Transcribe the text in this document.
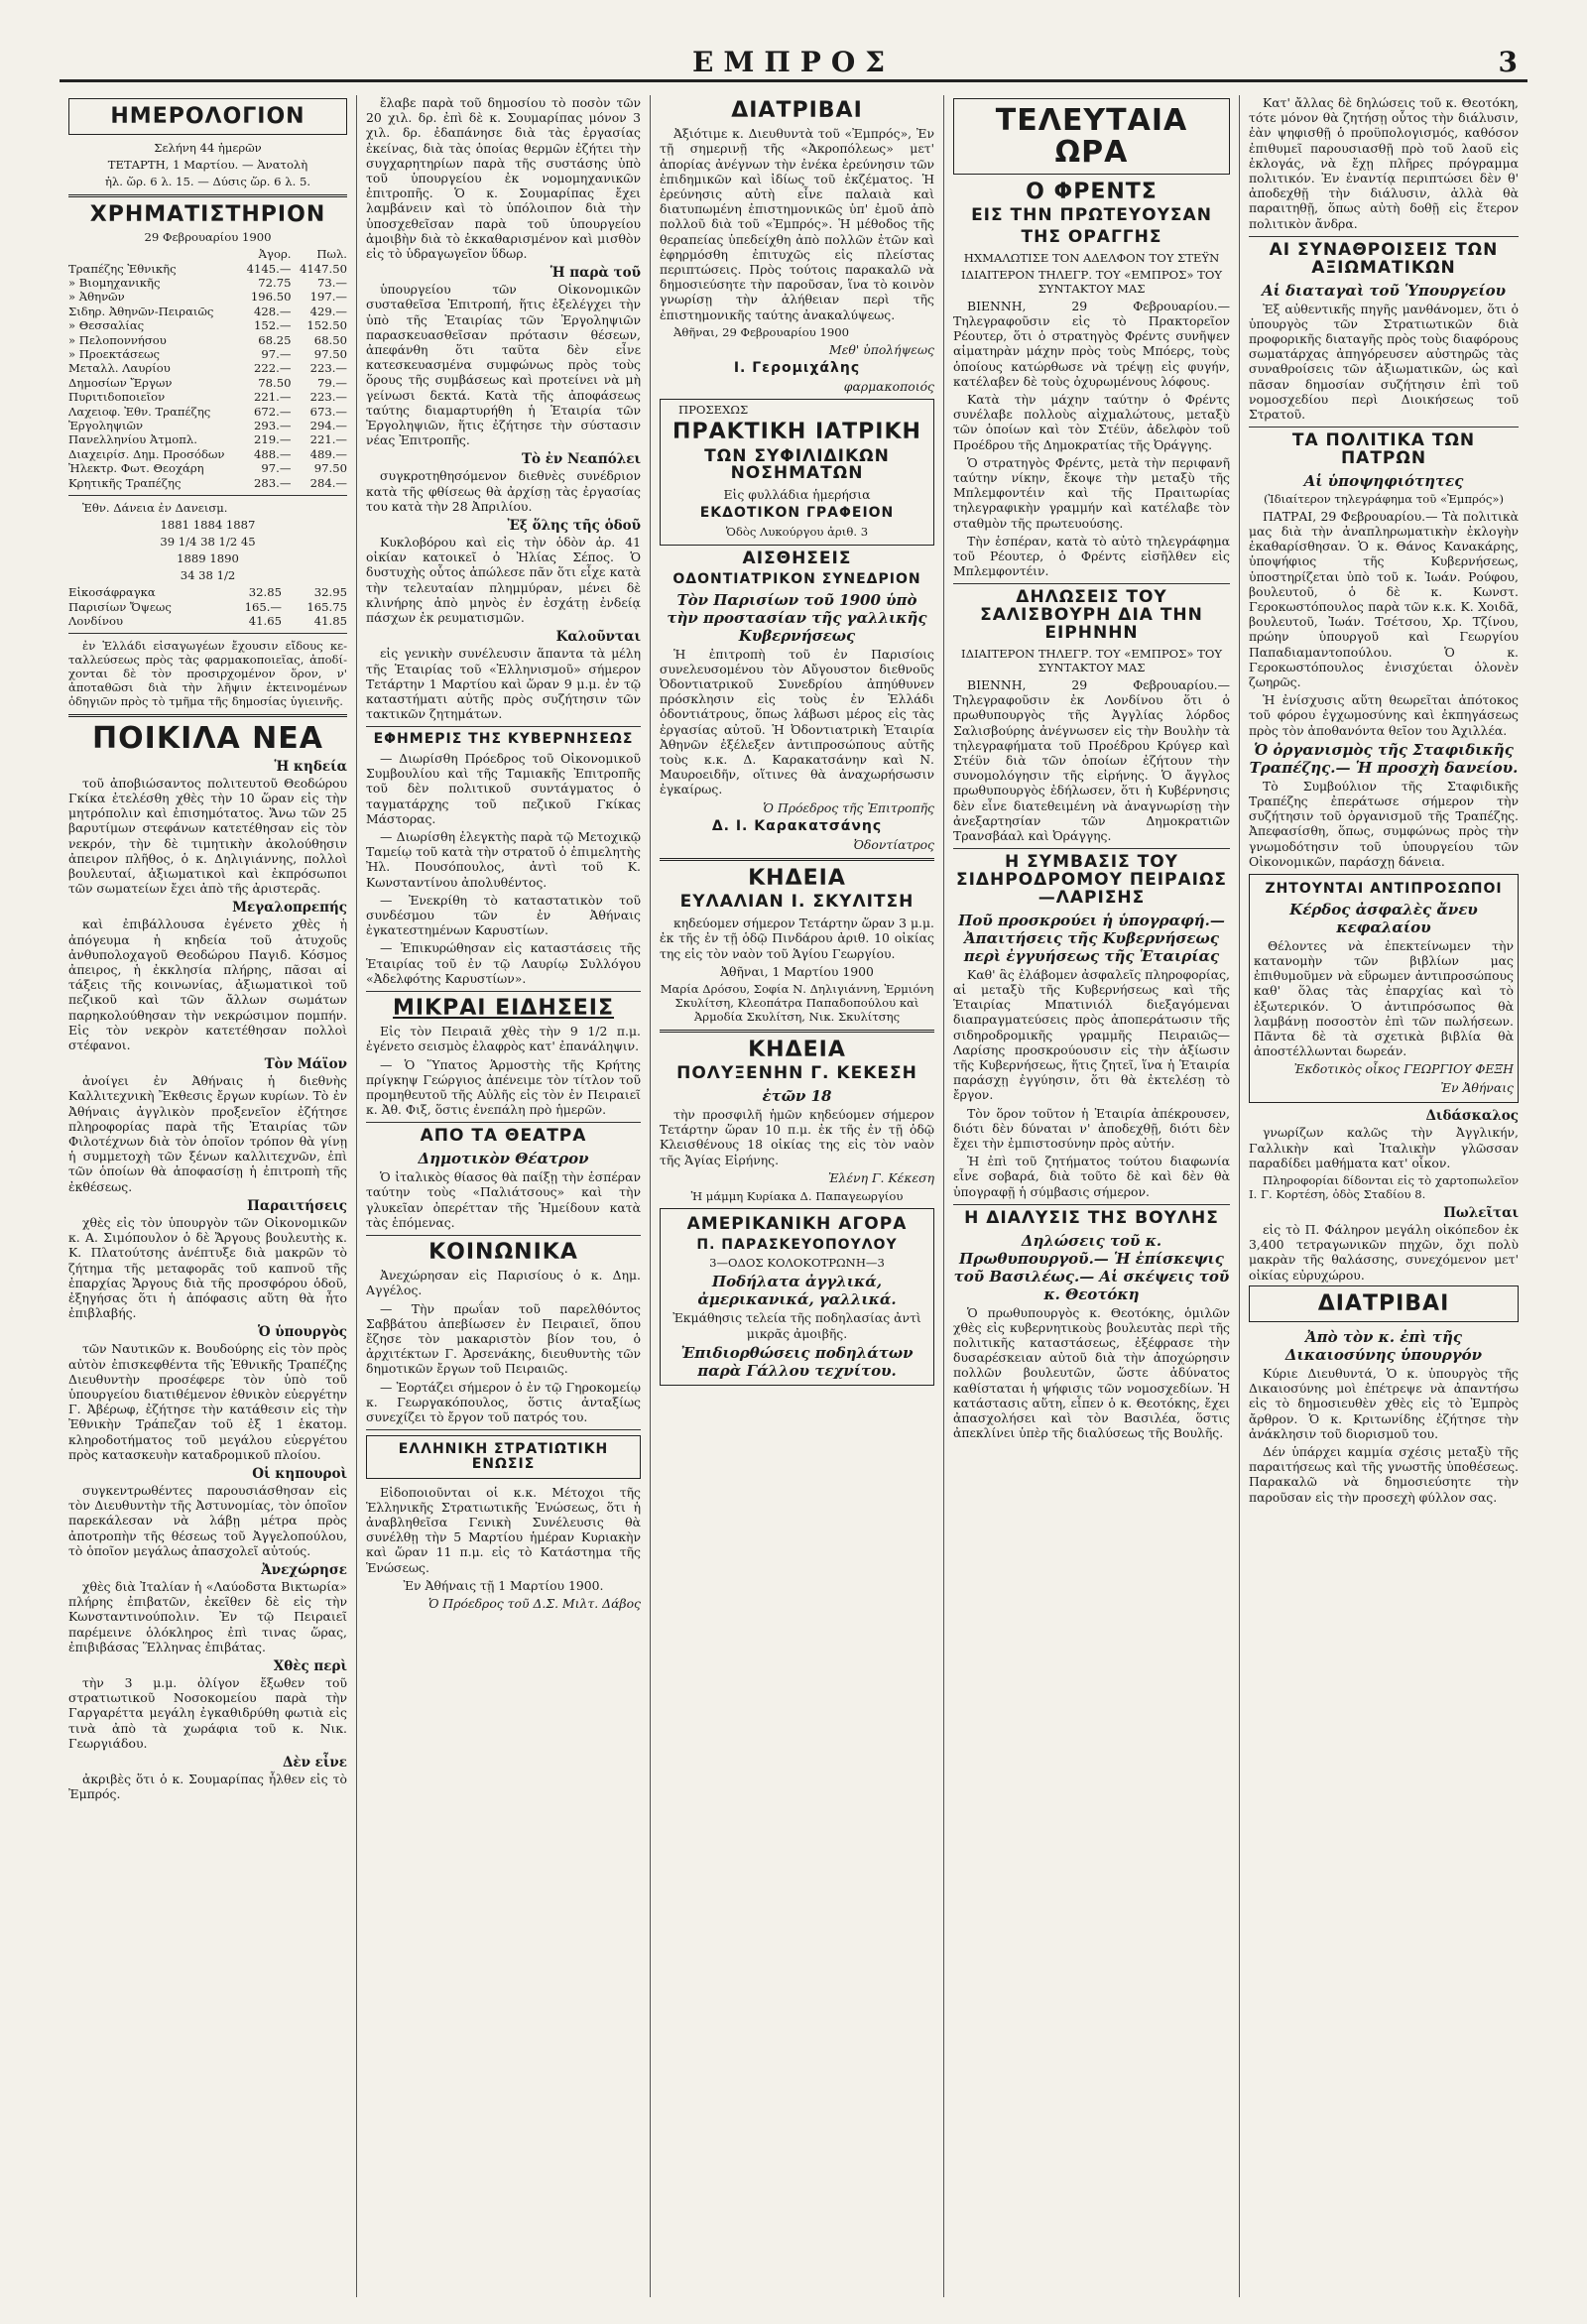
ΕΜΠΡΟΣ	3
ΗΜΕΡΟΛΟΓΙΟΝ

Σελήνη 44 ἡμερῶν

ΤΕΤΑΡΤΗ, 1 Μαρτίου. — Ἀνατολὴ

ἡλ. ὥρ. 6 λ. 15. — Δύσις ὥρ. 6 λ. 5.

ΧΡΗΜΑΤΙΣΤΗΡΙΟΝ

29 Φεβρουαρίου 1900

	Ἀγορ.	Πωλ.
Τραπέζης Ἐθνικῆς	4145.—	4147.50
» Βιομηχανικῆς	72.75	73.—
» Ἀθηνῶν	196.50	197.—
Σιδηρ. Ἀθηνῶν-Πειραιῶς	428.—	429.—
» Θεσσαλίας	152.—	152.50
» Πελοποννήσου	68.25	68.50
» Προεκτάσεως	97.—	97.50
Μεταλλ. Λαυρίου	222.—	223.—
Δημοσίων Ἔργων	78.50	79.—
Πυριτιδοποιεῖον	221.—	223.—
Λαχειοφ. Ἐθν. Τραπέζης	672.—	673.—
Ἐργοληψιῶν	293.—	294.—
Πανελληνίου Ἀτμοπλ.	219.—	221.—
Διαχειρίσ. Δημ. Προσόδων	488.—	489.—
Ἠλεκτρ. Φωτ. Θεοχάρη	97.—	97.50
Κρητικῆς Τραπέζης	283.—	284.—

Ἐθν. Δάνεια ἐν Δανεισμ.

1881 1884 1887

39 1/4 38 1/2 45

1889 1890

34 38 1/2

Εἰκοσάφραγκα	32.85	32.95
Παρισίων Ὄψεως	165.—	165.75
Λονδίνου	41.65	41.85

ἐν Ἑλλάδι εἰσαγωγέων ἔχουσιν εἴδους κε-ταλλεύσεως πρὸς τὰς φαρμακοποιεῖας, ἀποδί-χονται δὲ τὸν προσιρχομένον ὅρον, ν' ἀποταθῶσι διὰ τὴν λῆψιν ἐκτεινομένων ὁδηγιῶν πρὸς τὸ τμῆμα τῆς δημοσίας ὑγιεινῆς.

ΠΟΙΚΙΛΑ ΝΕΑ
Ἡ κηδεία

τοῦ ἀποβιώσαντος πολιτευτοῦ Θεοδώρου Γκίκα ἐτελέσθη χθὲς τὴν 10 ὥραν εἰς τὴν μητρόπολιν καὶ ἐπισημότατος. Ἄνω τῶν 25 βαρυτίμων στεφάνων κατετέθησαν εἰς τὸν νεκρόν, τὴν δὲ τιμητικὴν ἀκολούθησιν ἀπειρον πλῆθος, ὁ κ. Δηλιγιάννης, πολλοὶ βουλευταί, ἀξιωματικοὶ καὶ ἐκπρόσωποι τῶν σωματείων ἔχει ἀπὸ τῆς ἀριστερᾶς.

Μεγαλοπρεπής

καὶ ἐπιβάλλουσα ἐγένετο χθὲς ἡ ἀπόγευμα ἡ κηδεία τοῦ ἀτυχοῦς ἀνθυπολοχαγοῦ Θεοδώρου Παγιδ. Κόσμος ἀπειρος, ἡ ἐκκλησία πλήρης, πᾶσαι αἱ τάξεις τῆς κοινωνίας, ἀξιωματικοὶ τοῦ πεζικοῦ καὶ τῶν ἄλλων σωμάτων παρηκολούθησαν τὴν νεκρώσιμον πομπήν. Εἰς τὸν νεκρὸν κατετέθησαν πολλοὶ στέφανοι.

Τὸν Μάϊον

ἀνοίγει ἐν Ἀθήναις ἡ διεθνὴς Καλλιτεχνικὴ Ἔκθεσις ἔργων κυρίων. Τὸ ἐν Ἀθήναις ἀγγλικὸν προξενεῖον ἐζήτησε πληροφορίας παρὰ τῆς Ἑταιρίας τῶν Φιλοτέχνων διὰ τὸν ὁποῖον τρόπον θὰ γίνῃ ἡ συμμετοχὴ τῶν ξένων καλλιτεχνῶν, ἐπὶ τῶν ὁποίων θὰ ἀποφασίσῃ ἡ ἐπιτροπὴ τῆς ἐκθέσεως.

Παραιτήσεις

χθὲς εἰς τὸν ὑπουργὸν τῶν Οἰκονομικῶν κ. Α. Σιμόπουλον ὁ δὲ Ἄργους βουλευτὴς κ. Κ. Πλατούτσης ἀνέπτυξε διὰ μακρῶν τὸ ζήτημα τῆς μεταφορᾶς τοῦ καπνοῦ τῆς ἐπαρχίας Ἄργους διὰ τῆς προσφόρου ὁδοῦ, ἐξηγήσας ὅτι ἡ ἀπόφασις αὕτη θὰ ἦτο ἐπιβλαβής.

Ὁ ὑπουργὸς

τῶν Ναυτικῶν κ. Βουδούρης εἰς τὸν πρὸς αὐτὸν ἐπισκεφθέντα τῆς Ἐθνικῆς Τραπέζης Διευθυντὴν προσέφερε τὸν ὑπὸ τοῦ ὑπουργείου διατιθέμενον ἐθνικὸν εὐεργέτην Γ. Ἀβέρωφ, ἐζήτησε τὴν κατάθεσιν εἰς τὴν Ἐθνικὴν Τράπεζαν τοῦ ἐξ 1 ἑκατομ. κληροδοτήματος τοῦ μεγάλου εὐεργέτου πρὸς κατασκευὴν καταδρομικοῦ πλοίου.

Οἱ κηπουροὶ

συγκεντρωθέντες παρουσιάσθησαν εἰς τὸν Διευθυντὴν τῆς Ἀστυνομίας, τὸν ὁποῖον παρεκάλεσαν νὰ λάβῃ μέτρα πρὸς ἀποτροπὴν τῆς θέσεως τοῦ Ἀγγελοπούλου, τὸ ὁποῖον μεγάλως ἀπασχολεῖ αὐτούς.

Ἀνεχώρησε

χθὲς διὰ Ἰταλίαν ἡ «Λαύοδστα Βικτωρία» πλήρης ἐπιβατῶν, ἐκεῖθεν δὲ εἰς τὴν Κωνσταντινούπολιν. Ἐν τῷ Πειραιεῖ παρέμεινε ὁλόκληρος ἐπὶ τινας ὥρας, ἐπιβιβάσας Ἕλληνας ἐπιβάτας.

Χθὲς περὶ

τὴν 3 μ.μ. ὀλίγον ἔξωθεν τοῦ στρατιωτικοῦ Νοσοκομείου παρὰ τὴν Γαργαρέττα μεγάλη ἐγκαθιδρύθη φωτιὰ εἰς τινὰ ἀπὸ τὰ χωράφια τοῦ κ. Νικ. Γεωργιάδου.

Δὲν εἶνε

ἀκριβὲς ὅτι ὁ κ. Σουμαρίπας ἦλθεν εἰς τὸ Ἐμπρός.

ἔλαβε παρὰ τοῦ δημοσίου τὸ ποσὸν τῶν 20 χιλ. δρ. ἐπὶ δὲ κ. Σουμαρίπας μόνον 3 χιλ. δρ. ἐδαπάνησε διὰ τὰς ἐργασίας ἐκείνας, διὰ τὰς ὁποίας θερμῶν ἐζήτει τὴν συγχαρητηρίων παρὰ τῆς συστάσης ὑπὸ τοῦ ὑπουργείου ἐκ νομομηχανικῶν ἐπιτροπῆς. Ὁ κ. Σουμαρίπας ἔχει λαμβάνειν καὶ τὸ ὑπόλοιπον διὰ τὴν ὑποσχεθεῖσαν παρὰ τοῦ ὑπουργείου ἀμοιβὴν διὰ τὸ ἐκκαθαρισμένον καὶ μισθὸν εἰς τὸ ὑδραγωγεῖον ὕδωρ.

Ἡ παρὰ τοῦ

ὑπουργείου τῶν Οἰκονομικῶν συσταθεῖσα Ἐπιτροπή, ἥτις ἐξελέγχει τὴν ὑπὸ τῆς Ἑταιρίας τῶν Ἐργοληψιῶν παρασκευασθεῖσαν πρότασιν θέσεων, ἀπεφάνθη ὅτι ταῦτα δὲν εἶνε κατεσκευασμένα συμφώνως πρὸς τοὺς ὅρους τῆς συμβάσεως καὶ προτείνει νὰ μὴ γείνωσι δεκτά. Κατὰ τῆς ἀποφάσεως ταύτης διαμαρτυρήθη ἡ Ἑταιρία τῶν Ἐργοληψιῶν, ἥτις ἐζήτησε τὴν σύστασιν νέας Ἐπιτροπῆς.

Τὸ ἐν Νεαπόλει

συγκροτηθησόμενον διεθνὲς συνέδριον κατὰ τῆς φθίσεως θὰ ἀρχίσῃ τὰς ἐργασίας του κατὰ τὴν 28 Ἀπριλίου.

Ἐξ ὅλης τῆς ὁδοῦ

Κυκλοβόρου καὶ εἰς τὴν ὁδὸν ἀρ. 41 οἰκίαν κατοικεῖ ὁ Ἠλίας Σέπος. Ὁ δυστυχὴς οὗτος ἀπώλεσε πᾶν ὅτι εἶχε κατὰ τὴν τελευταίαν πλημμύραν, μένει δὲ κλινήρης ἀπὸ μηνὸς ἐν ἐσχάτῃ ἐνδείᾳ πάσχων ἐκ ρευματισμῶν.

Καλοῦνται

εἰς γενικὴν συνέλευσιν ἅπαντα τὰ μέλη τῆς Ἑταιρίας τοῦ «Ἑλληνισμοῦ» σήμερον Τετάρτην 1 Μαρτίου καὶ ὥραν 9 μ.μ. ἐν τῷ καταστήματι αὐτῆς πρὸς συζήτησιν τῶν τακτικῶν ζητημάτων.

ΕΦΗΜΕΡΙΣ ΤΗΣ ΚΥΒΕΡΝΗΣΕΩΣ

— Διωρίσθη Πρόεδρος τοῦ Οἰκονομικοῦ Συμβουλίου καὶ τῆς Ταμιακῆς Ἐπιτροπῆς τοῦ δὲν πολιτικοῦ συντάγματος ὁ ταγματάρχης τοῦ πεζικοῦ Γκίκας Μάστορας.

— Διωρίσθη ἐλεγκτὴς παρὰ τῷ Μετοχικῷ Ταμείῳ τοῦ κατὰ τὴν στρατοῦ ὁ ἐπιμελητὴς Ἠλ. Πουσόπουλος, ἀντὶ τοῦ Κ. Κωνσταντίνου ἀπολυθέντος.

— Ἐνεκρίθη τὸ καταστατικὸν τοῦ συνδέσμου τῶν ἐν Ἀθήναις ἐγκατεστημένων Καρυστίων.

— Ἐπικυρώθησαν εἰς καταστάσεις τῆς Ἑταιρίας τοῦ ἐν τῷ Λαυρίῳ Συλλόγου «Ἀδελφότης Καρυστίων».

ΜΙΚΡΑΙ ΕΙΔΗΣΕΙΣ

Εἰς τὸν Πειραιᾶ χθὲς τὴν 9 1/2 π.μ. ἐγένετο σεισμὸς ἐλαφρὸς κατ' ἐπανάληψιν.

— Ὁ Ὕπατος Ἁρμοστὴς τῆς Κρήτης πρίγκηψ Γεώργιος ἀπένειμε τὸν τίτλον τοῦ προμηθευτοῦ τῆς Αὐλῆς εἰς τὸν ἐν Πειραιεῖ κ. Ἀθ. Φιξ, ὅστις ἐνεπάλη πρὸ ἡμερῶν.

ΑΠΟ ΤΑ ΘΕΑΤΡΑ
Δημοτικὸν Θέατρον

Ὁ ἰταλικὸς θίασος θὰ παίξῃ τὴν ἑσπέραν ταύτην τοὺς «Παλιάτσους» καὶ τὴν γλυκεῖαν ὀπερέτταν τῆς Ἡμείδουν κατὰ τὰς ἑπόμενας.

ΚΟΙΝΩΝΙΚΑ

Ἀνεχώρησαν εἰς Παρισίους ὁ κ. Δημ. Αγγέλος.

— Τὴν πρωΐαν τοῦ παρελθόντος Σαββάτου ἀπεβίωσεν ἐν Πειραιεῖ, ὅπου ἔζησε τὸν μακαριστὸν βίον του, ὁ ἀρχιτέκτων Γ. Ἀρσενάκης, διευθυντὴς τῶν δημοτικῶν ἔργων τοῦ Πειραιῶς.

— Ἑορτάζει σήμερον ὁ ἐν τῷ Γηροκομείῳ κ. Γεωργακόπουλος, ὅστις ἀνταξίως συνεχίζει τὸ ἔργον τοῦ πατρός του.

ΕΛΛΗΝΙΚΗ ΣΤΡΑΤΙΩΤΙΚΗ ΕΝΩΣΙΣ

Εἰδοποιοῦνται οἱ κ.κ. Μέτοχοι τῆς Ἑλληνικῆς Στρατιωτικῆς Ἑνώσεως, ὅτι ἡ ἀναβληθεῖσα Γενικὴ Συνέλευσις θὰ συνέλθῃ τὴν 5 Μαρτίου ἡμέραν Κυριακὴν καὶ ὥραν 11 π.μ. εἰς τὸ Κατάστημα τῆς Ἑνώσεως.

Ἐν Ἀθήναις τῇ 1 Μαρτίου 1900.

Ὁ Πρόεδρος τοῦ Δ.Σ. Μιλτ. Δάβος
ΔΙΑΤΡΙΒΑΙ

Ἀξιότιμε κ. Διευθυντὰ τοῦ «Ἐμπρός», Ἐν τῇ σημερινῇ τῆς «Ἀκροπόλεως» μετ' ἀπορίας ἀνέγνων τὴν ἐνέκα ἐρεύνησιν τῶν ἐπιδημικῶν καὶ ἰδίως τοῦ ἐκζέματος. Ἡ ἐρεύνησις αὐτὴ εἶνε παλαιὰ καὶ διατυπωμένη ἐπιστημονικῶς ὑπ' ἐμοῦ ἀπὸ πολλοῦ διὰ τοῦ «Ἐμπρός». Ἡ μέθοδος τῆς θεραπείας ὑπεδείχθη ἀπὸ πολλῶν ἐτῶν καὶ ἐφηρμόσθη ἐπιτυχῶς εἰς πλείστας περιπτώσεις. Πρὸς τούτοις παρακαλῶ νὰ δημοσιεύσητε τὴν παροῦσαν, ἵνα τὸ κοινὸν γνωρίσῃ τὴν ἀλήθειαν περὶ τῆς ἐπιστημονικῆς ταύτης ἀνακαλύψεως.

Ἀθῆναι, 29 Φεβρουαρίου 1900

Μεθ' ὑπολήψεως
Ι. Γερομιχάλης
φαρμακοποιός

ΠΡΟΣΕΧΩΣ

ΠΡΑΚΤΙΚΗ ΙΑΤΡΙΚΗ
ΤΩΝ ΣΥΦΙΛΙΔΙΚΩΝ ΝΟΣΗΜΑΤΩΝ

Εἰς φυλλάδια ἡμερήσια

ΕΚΔΟΤΙΚΟΝ ΓΡΑΦΕΙΟΝ

Ὁδὸς Λυκούργου ἀριθ. 3

ΑΙΣΘΗΣΕΙΣ
ΟΔΟΝΤΙΑΤΡΙΚΟΝ ΣΥΝΕΔΡΙΟΝ
Τὸν Παρισίων τοῦ 1900 ὑπὸ τὴν προστασίαν τῆς γαλλικῆς Κυβερνήσεως

Ἡ ἐπιτροπὴ τοῦ ἐν Παρισίοις συνελευσομένου τὸν Αὔγουστον διεθνοῦς Ὀδοντιατρικοῦ Συνεδρίου ἀπηύθυνεν πρόσκλησιν εἰς τοὺς ἐν Ἑλλάδι ὀδοντιάτρους, ὅπως λάβωσι μέρος εἰς τὰς ἐργασίας αὐτοῦ. Ἡ Ὀδοντιατρικὴ Ἑταιρία Ἀθηνῶν ἐξέλεξεν ἀντιπροσώπους αὐτῆς τοὺς κ.κ. Δ. Καρακατσάνην καὶ Ν. Μαυροειδῆν, οἵτινες θὰ ἀναχωρήσωσιν ἐγκαίρως.

Ὁ Πρόεδρος τῆς Ἐπιτροπῆς
Δ. Ι. Καρακατσάνης
Ὀδοντίατρος
ΚΗΔΕΙΑ
ΕΥΛΑΛΙΑΝ Ι. ΣΚΥΛΙΤΣΗ

κηδεύομεν σήμερον Τετάρτην ὥραν 3 μ.μ. ἐκ τῆς ἐν τῇ ὁδῷ Πινδάρου ἀριθ. 10 οἰκίας της εἰς τὸν ναὸν τοῦ Ἁγίου Γεωργίου.

Ἀθῆναι, 1 Μαρτίου 1900

Μαρία Δρόσου, Σοφία Ν. Δηλιγιάννη, Ἐρμιόνη Σκυλίτση, Κλεοπάτρα Παπαδοπούλου καὶ Ἀρμοδία Σκυλίτση, Νικ. Σκυλίτσης

ΚΗΔΕΙΑ
ΠΟΛΥΞΕΝΗΝ Γ. ΚΕΚΕΣΗ
ἐτῶν 18

τὴν προσφιλῆ ἡμῶν κηδεύομεν σήμερον Τετάρτην ὥραν 10 π.μ. ἐκ τῆς ἐν τῇ ὁδῷ Κλεισθένους 18 οἰκίας της εἰς τὸν ναὸν τῆς Ἁγίας Εἰρήνης.

Ἐλένη Γ. Κέκεση

Ἡ μάμμη Κυρίακα Δ. Παπαγεωργίου

ΑΜΕΡΙΚΑΝΙΚΗ ΑΓΟΡΑ
Π. ΠΑΡΑΣΚΕΥΟΠΟΥΛΟΥ

3—ΟΔΟΣ ΚΟΛΟΚΟΤΡΩΝΗ—3

Ποδήλατα ἀγγλικά, ἀμερικανικά, γαλλικά.

Ἐκμάθησις τελεία τῆς ποδηλασίας ἀντὶ μικρᾶς ἀμοιβῆς.

Ἐπιδιορθώσεις ποδηλάτων παρὰ Γάλλου τεχνίτου.
ΤΕΛΕΥΤΑΙΑ ΩΡΑ
Ο ΦΡΕΝΤΣ
ΕΙΣ ΤΗΝ ΠΡΩΤΕΥΟΥΣΑΝ
ΤΗΣ ΟΡΑΓΓΗΣ

ΗΧΜΑΛΩΤΙΣΕ ΤΟΝ ΑΔΕΛΦΟΝ ΤΟΥ ΣΤΕΫΝ

ΙΔΙΑΙΤΕΡΟΝ ΤΗΛΕΓΡ. ΤΟΥ «ΕΜΠΡΟΣ» ΤΟΥ ΣΥΝΤΑΚΤΟΥ ΜΑΣ

ΒΙΕΝΝΗ, 29 Φεβρουαρίου.— Τηλεγραφοῦσιν εἰς τὸ Πρακτορεῖον Ρέουτερ, ὅτι ὁ στρατηγὸς Φρέντς συνῆψεν αἱματηρὰν μάχην πρὸς τοὺς Μπόερς, τοὺς ὁποίους κατώρθωσε νὰ τρέψῃ εἰς φυγήν, κατέλαβεν δὲ τοὺς ὀχυρωμένους λόφους.

Κατὰ τὴν μάχην ταύτην ὁ Φρέντς συνέλαβε πολλοὺς αἰχμαλώτους, μεταξὺ τῶν ὁποίων καὶ τὸν Στέϋν, ἀδελφὸν τοῦ Προέδρου τῆς Δημοκρατίας τῆς Ὀράγγης.

Ὁ στρατηγὸς Φρέντς, μετὰ τὴν περιφανῆ ταύτην νίκην, ἔκοψε τὴν μεταξὺ τῆς Μπλεμφοντέιν καὶ τῆς Πραιτωρίας τηλεγραφικὴν γραμμήν καὶ κατέλαβε τὸν σταθμὸν τῆς πρωτευούσης.

Τὴν ἑσπέραν, κατὰ τὸ αὐτὸ τηλεγράφημα τοῦ Ρέουτερ, ὁ Φρέντς εἰσῆλθεν εἰς Μπλεμφοντέιν.

ΔΗΛΩΣΕΙΣ ΤΟΥ ΣΑΛΙΣΒΟΥΡΗ ΔΙΑ ΤΗΝ ΕΙΡΗΝΗΝ

ΙΔΙΑΙΤΕΡΟΝ ΤΗΛΕΓΡ. ΤΟΥ «ΕΜΠΡΟΣ» ΤΟΥ ΣΥΝΤΑΚΤΟΥ ΜΑΣ

ΒΙΕΝΝΗ, 29 Φεβρουαρίου.— Τηλεγραφοῦσιν ἐκ Λονδίνου ὅτι ὁ πρωθυπουργὸς τῆς Ἀγγλίας λόρδος Σαλισβούρης ἀνέγνωσεν εἰς τὴν Βουλὴν τὰ τηλεγραφήματα τοῦ Προέδρου Κρύγερ καὶ Στέϋν διὰ τῶν ὁποίων ἐζήτουν τὴν συνομολόγησιν τῆς εἰρήνης. Ὁ ἄγγλος πρωθυπουργὸς ἐδήλωσεν, ὅτι ἡ Κυβέρνησις δὲν εἶνε διατεθειμένη νὰ ἀναγνωρίσῃ τὴν ἀνεξαρτησίαν τῶν Δημοκρατιῶν Τρανσβάαλ καὶ Ὀράγγης.

Η ΣΥΜΒΑΣΙΣ ΤΟΥ ΣΙΔΗΡΟΔΡΟΜΟΥ ΠΕΙΡΑΙΩΣ—ΛΑΡΙΣΗΣ
Ποῦ προσκρούει ἡ ὑπογραφή.— Ἀπαιτήσεις τῆς Κυβερνήσεως περὶ ἐγγυήσεως τῆς Ἑταιρίας

Καθ' ἃς ἐλάβομεν ἀσφαλεῖς πληροφορίας, αἱ μεταξὺ τῆς Κυβερνήσεως καὶ τῆς Ἑταιρίας Μπατινιόλ διεξαγόμεναι διαπραγματεύσεις πρὸς ἀποπεράτωσιν τῆς σιδηροδρομικῆς γραμμῆς Πειραιῶς—Λαρίσης προσκρούουσιν εἰς τὴν ἀξίωσιν τῆς Κυβερνήσεως, ἥτις ζητεῖ, ἵνα ἡ Ἑταιρία παράσχῃ ἐγγύησιν, ὅτι θὰ ἐκτελέσῃ τὸ ἔργον.

Τὸν ὅρον τοῦτον ἡ Ἑταιρία ἀπέκρουσεν, διότι δὲν δύναται ν' ἀποδεχθῇ, διότι δὲν ἔχει τὴν ἐμπιστοσύνην πρὸς αὐτήν.

Ἡ ἐπὶ τοῦ ζητήματος τούτου διαφωνία εἶνε σοβαρά, διὰ τοῦτο δὲ καὶ δὲν θὰ ὑπογραφῇ ἡ σύμβασις σήμερον.

Η ΔΙΑΛΥΣΙΣ ΤΗΣ ΒΟΥΛΗΣ
Δηλώσεις τοῦ κ. Πρωθυπουργοῦ.— Ἡ ἐπίσκεψις τοῦ Βασιλέως.— Αἱ σκέψεις τοῦ κ. Θεοτόκη

Ὁ πρωθυπουργὸς κ. Θεοτόκης, ὁμιλῶν χθὲς εἰς κυβερνητικοὺς βουλευτὰς περὶ τῆς πολιτικῆς καταστάσεως, ἐξέφρασε τὴν δυσαρέσκειαν αὐτοῦ διὰ τὴν ἀποχώρησιν πολλῶν βουλευτῶν, ὥστε ἀδύνατος καθίσταται ἡ ψήφισις τῶν νομοσχεδίων. Ἡ κατάστασις αὕτη, εἶπεν ὁ κ. Θεοτόκης, ἔχει ἀπασχολήσει καὶ τὸν Βασιλέα, ὅστις ἀπεκλίνει ὑπὲρ τῆς διαλύσεως τῆς Βουλῆς.

Κατ' ἄλλας δὲ δηλώσεις τοῦ κ. Θεοτόκη, τότε μόνον θὰ ζητήσῃ οὗτος τὴν διάλυσιν, ἐὰν ψηφισθῇ ὁ προϋπολογισμός, καθόσον ἐπιθυμεῖ παρουσιασθῇ πρὸ τοῦ λαοῦ εἰς ἐκλογάς, νὰ ἔχῃ πλῆρες πρόγραμμα πολιτικόν. Ἐν ἐναντίᾳ περιπτώσει δὲν θ' ἀποδεχθῇ τὴν διάλυσιν, ἀλλὰ θὰ παραιτηθῇ, ὅπως αὐτὴ δοθῇ εἰς ἕτερον πολιτικὸν ἄνδρα.

ΑΙ ΣΥΝΑΘΡΟΙΣΕΙΣ ΤΩΝ ΑΞΙΩΜΑΤΙΚΩΝ
Αἱ διαταγαὶ τοῦ Ὑπουργείου

Ἐξ αὐθεντικῆς πηγῆς μανθάνομεν, ὅτι ὁ ὑπουργὸς τῶν Στρατιωτικῶν διὰ προφορικῆς διαταγῆς πρὸς τοὺς διαφόρους σωματάρχας ἀπηγόρευσεν αὐστηρῶς τὰς συναθροίσεις τῶν ἀξιωματικῶν, ὡς καὶ πᾶσαν δημοσίαν συζήτησιν ἐπὶ τοῦ νομοσχεδίου περὶ Διοικήσεως τοῦ Στρατοῦ.

ΤΑ ΠΟΛΙΤΙΚΑ ΤΩΝ ΠΑΤΡΩΝ
Αἱ ὑποψηφιότητες

(Ἰδιαίτερον τηλεγράφημα τοῦ «Ἐμπρός»)

ΠΑΤΡΑΙ, 29 Φεβρουαρίου.— Τὰ πολιτικὰ μας διὰ τὴν ἀναπληρωματικὴν ἐκλογὴν ἐκαθαρίσθησαν. Ὁ κ. Θάνος Κανακάρης, ὑποψήφιος τῆς Κυβερνήσεως, ὑποστηρίζεται ὑπὸ τοῦ κ. Ἰωάν. Ρούφου, βουλευτοῦ, ὁ δὲ κ. Κωνστ. Γεροκωστόπουλος παρὰ τῶν κ.κ. Κ. Χοιδᾶ, βουλευτοῦ, Ἰωάν. Τσέτσου, Χρ. Τζίνου, πρώην ὑπουργοῦ καὶ Γεωργίου Παπαδιαμαντοπούλου. Ὁ κ. Γεροκωστόπουλος ἐνισχύεται ὁλονὲν ζωηρῶς.

Ἡ ἐνίσχυσις αὕτη θεωρεῖται ἀπότοκος τοῦ φόρου ἐγχωμοσύνης καὶ ἐκπηγάσεως πρὸς τὸν ἀποθανόντα θεῖον του Ἀχιλλέα.

Ὁ ὀργανισμὸς τῆς Σταφιδικῆς Τραπέζης.— Ἡ προσχὴ δανείου.

Τὸ Συμβούλιον τῆς Σταφιδικῆς Τραπέζης ἐπεράτωσε σήμερον τὴν συζήτησιν τοῦ ὀργανισμοῦ τῆς Τραπέζης. Ἀπεφασίσθη, ὅπως, συμφώνως πρὸς τὴν γνωμοδότησιν τοῦ ὑπουργείου τῶν Οἰκονομικῶν, παράσχῃ δάνεια.

ΖΗΤΟΥΝΤΑΙ ΑΝΤΙΠΡΟΣΩΠΟΙ
Κέρδος ἀσφαλὲς ἄνευ κεφαλαίου

Θέλοντες νὰ ἐπεκτείνωμεν τὴν κατανομὴν τῶν βιβλίων μας ἐπιθυμοῦμεν νὰ εὕρωμεν ἀντιπροσώπους καθ' ὅλας τὰς ἐπαρχίας καὶ τὸ ἐξωτερικόν. Ὁ ἀντιπρόσωπος θὰ λαμβάνῃ ποσοστὸν ἐπὶ τῶν πωλήσεων. Πᾶντα δὲ τὰ σχετικὰ βιβλία θὰ ἀποστέλλωνται δωρεάν.

Ἐκδοτικὸς οἶκος ΓΕΩΡΓΙΟΥ ΦΕΞΗ
Ἐν Ἀθήναις
Διδάσκαλος

γνωρίζων καλῶς τὴν Ἀγγλικήν, Γαλλικὴν καὶ Ἰταλικὴν γλῶσσαν παραδίδει μαθήματα κατ' οἶκον.

Πληροφορίαι δίδονται εἰς τὸ χαρτοπωλεῖον Ι. Γ. Κορτέση, ὁδὸς Σταδίου 8.

Πωλεῖται

εἰς τὸ Π. Φάληρον μεγάλη οἰκόπεδον ἐκ 3,400 τετραγωνικῶν πηχῶν, ὄχι πολὺ μακρὰν τῆς θαλάσσης, συνεχόμενον μετ' οἰκίας εὐρυχώρου.

ΔΙΑΤΡΙΒΑΙ
Ἀπὸ τὸν κ. ἐπὶ τῆς Δικαιοσύνης ὑπουργόν

Κύριε Διευθυντά, Ὁ κ. ὑπουργὸς τῆς Δικαιοσύνης μοὶ ἐπέτρεψε νὰ ἀπαντήσω εἰς τὸ δημοσιευθὲν χθὲς εἰς τὸ Ἐμπρὸς ἄρθρον. Ὁ κ. Κριτωνίδης ἐζήτησε τὴν ἀνάκλησιν τοῦ διορισμοῦ του.

Δέν ὑπάρχει καμμία σχέσις μεταξὺ τῆς παραιτήσεως καὶ τῆς γνωστῆς ὑποθέσεως. Παρακαλῶ νὰ δημοσιεύσητε τὴν παροῦσαν εἰς τὴν προσεχὴ φύλλον σας.
